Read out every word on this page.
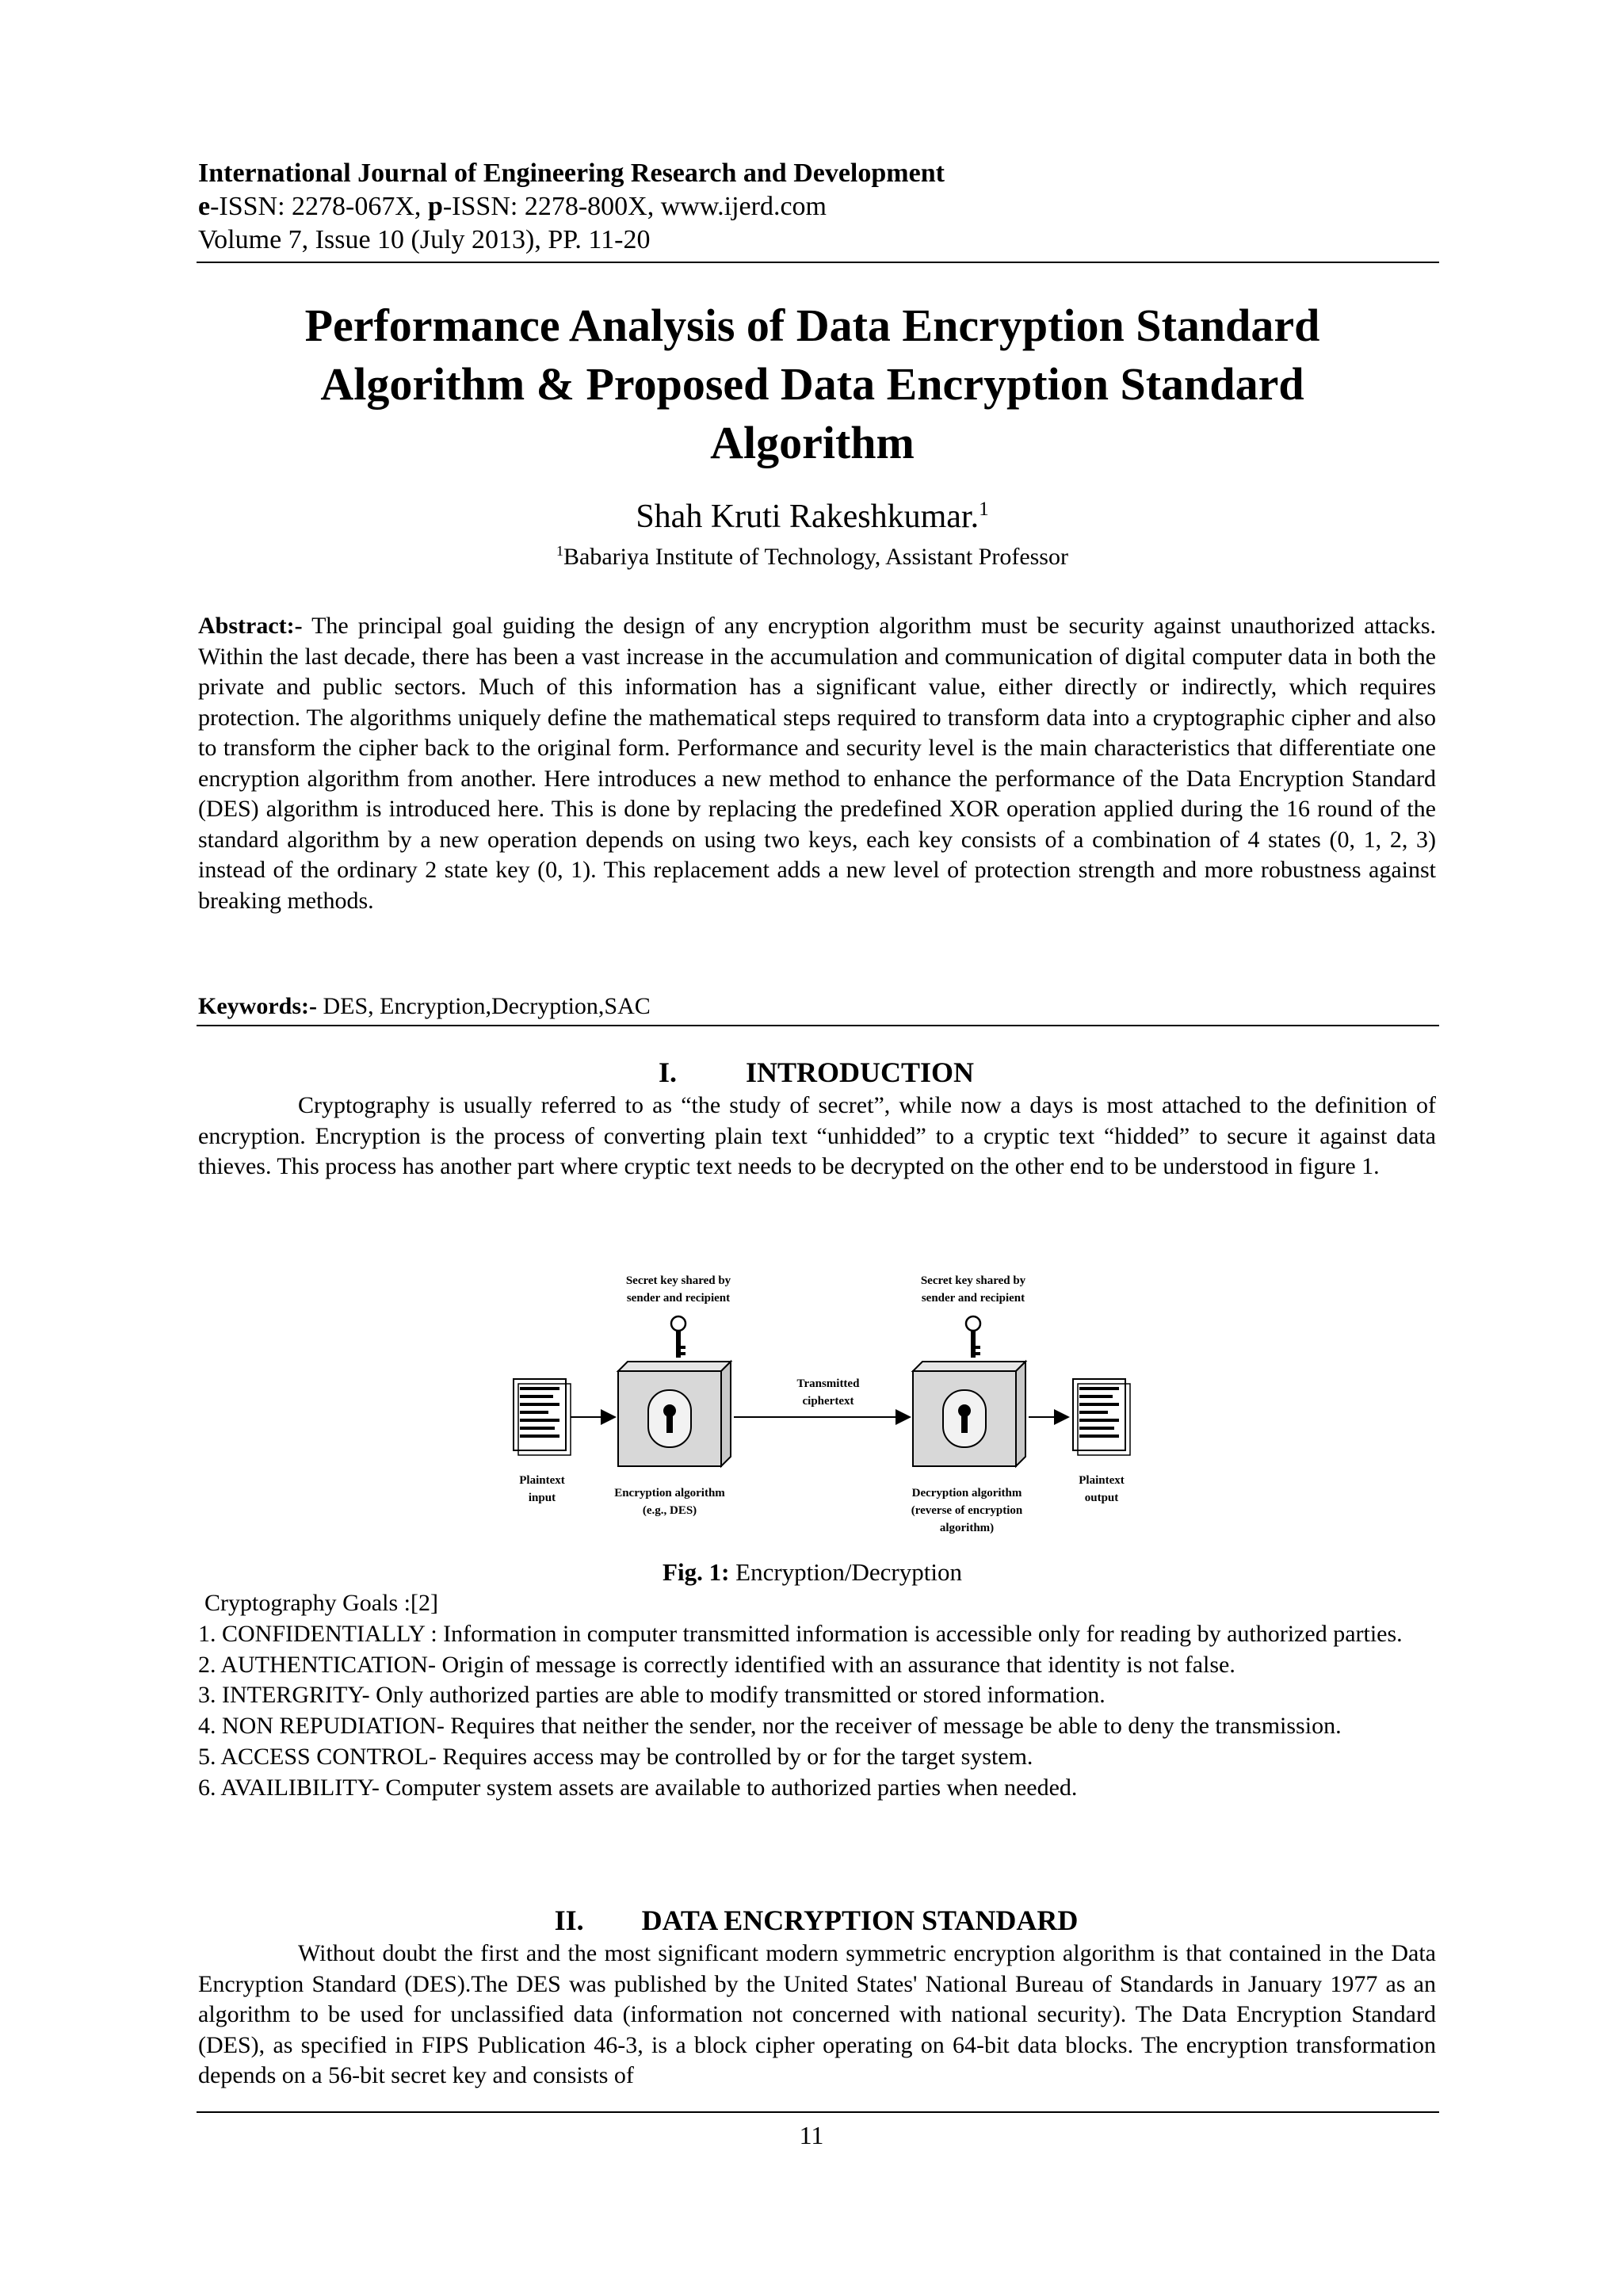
International Journal of Engineering Research and Development
e-ISSN: 2278-067X, p-ISSN: 2278-800X, www.ijerd.com
Volume 7, Issue 10 (July 2013), PP. 11-20
Performance Analysis of Data Encryption Standard
Algorithm & Proposed Data Encryption Standard
Algorithm
Shah Kruti Rakeshkumar.$^1$
$^1$Babariya Institute of Technology, Assistant Professor
Abstract:- The principal goal guiding the design of any encryption algorithm must be security against unauthorized attacks. Within the last decade, there has been a vast increase in the accumulation and communication of digital computer data in both the private and public sectors. Much of this information has a significant value, either directly or indirectly, which requires protection. The algorithms uniquely define the mathematical steps required to transform data into a cryptographic cipher and also to transform the cipher back to the original form. Performance and security level is the main characteristics that differentiate one encryption algorithm from another. Here introduces a new method to enhance the performance of the Data Encryption Standard (DES) algorithm is introduced here. This is done by replacing the predefined XOR operation applied during the 16 round of the standard algorithm by a new operation depends on using two keys, each key consists of a combination of 4 states (0, 1, 2, 3) instead of the ordinary 2 state key (0, 1). This replacement adds a new level of protection strength and more robustness against breaking methods.
Keywords:- DES, Encryption,Decryption,SAC
I. INTRODUCTION
Cryptography is usually referred to as “the study of secret”, while now a days is most attached to the definition of encryption. Encryption is the process of converting plain text “unhidded” to a cryptic text “hidded” to secure it against data thieves. This process has another part where cryptic text needs to be decrypted on the other end to be understood in figure 1.
Secret key shared by
sender and recipient
Secret key shared by
sender and recipient
Plaintext
input	Encryption algorithm
(e.g., DES)
Transmitted
ciphertext
Decryption algorithm
(reverse of encryption
algorithm)
Plaintext
output
Fig. 1: Encryption/Decryption

Cryptography Goals :[2]

1. CONFIDENTIALLY : Information in computer transmitted information is accessible only for reading by authorized parties.

2. AUTHENTICATION- Origin of message is correctly identified with an assurance that identity is not false.

3. INTERGRITY- Only authorized parties are able to modify transmitted or stored information.

4. NON REPUDIATION- Requires that neither the sender, nor the receiver of message be able to deny the transmission.

5. ACCESS CONTROL- Requires access may be controlled by or for the target system.

6. AVAILIBILITY- Computer system assets are available to authorized parties when needed.

II. DATA ENCRYPTION STANDARD
Without doubt the first and the most significant modern symmetric encryption algorithm is that contained in the Data Encryption Standard (DES).The DES was published by the United States' National Bureau of Standards in January 1977 as an algorithm to be used for unclassified data (information not concerned with national security). The Data Encryption Standard (DES), as specified in FIPS Publication 46-3, is a block cipher operating on 64-bit data blocks. The encryption transformation depends on a 56-bit secret key and consists of
11
